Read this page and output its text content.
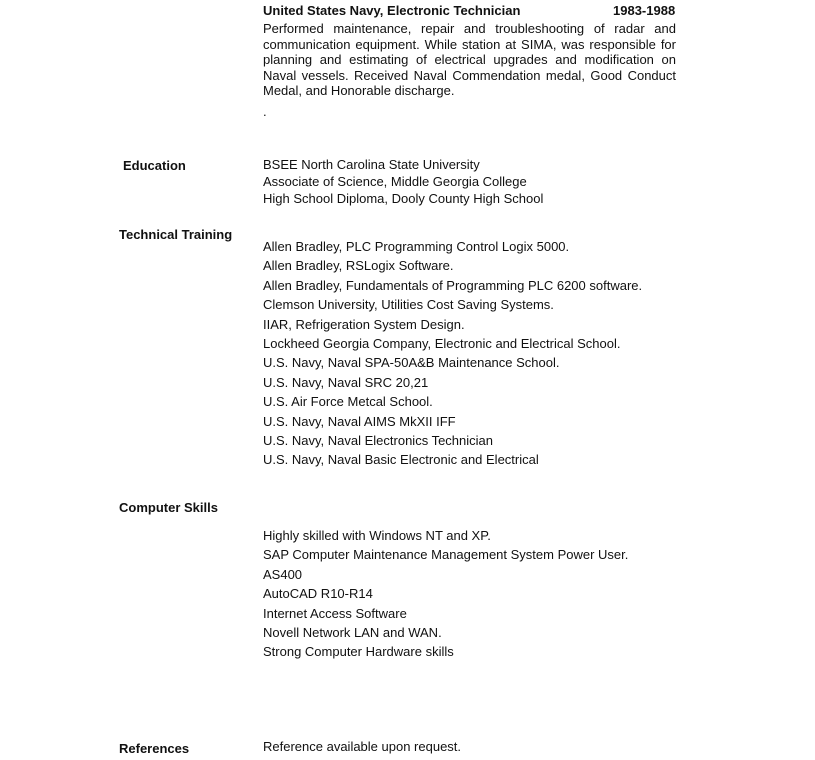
United States Navy, Electronic Technician	1983-1988

Performed maintenance, repair and troubleshooting of radar and communication equipment. While station at SIMA, was responsible for planning and estimating of electrical upgrades and modification on Naval vessels. Received Naval Commendation medal, Good Conduct Medal, and Honorable discharge.

.
Education	BSEE North Carolina State University
Associate of Science, Middle Georgia College
High School Diploma, Dooly County High School
Technical Training
Allen Bradley, PLC Programming Control Logix 5000.
Allen Bradley, RSLogix Software.
Allen Bradley, Fundamentals of Programming PLC 6200 software.
Clemson University, Utilities Cost Saving Systems.
IIAR, Refrigeration System Design.
Lockheed Georgia Company, Electronic and Electrical School.
U.S. Navy, Naval SPA-50A&B Maintenance School.
U.S. Navy, Naval SRC 20,21
U.S. Air Force Metcal School.
U.S. Navy, Naval AIMS MkXII IFF
U.S. Navy, Naval Electronics Technician
U.S. Navy, Naval Basic Electronic and Electrical
Computer Skills
Highly skilled with Windows NT and XP.
SAP Computer Maintenance Management System Power User.
AS400
AutoCAD R10-R14
Internet Access Software
Novell Network LAN and WAN.
Strong Computer Hardware skills
References	Reference available upon request.
